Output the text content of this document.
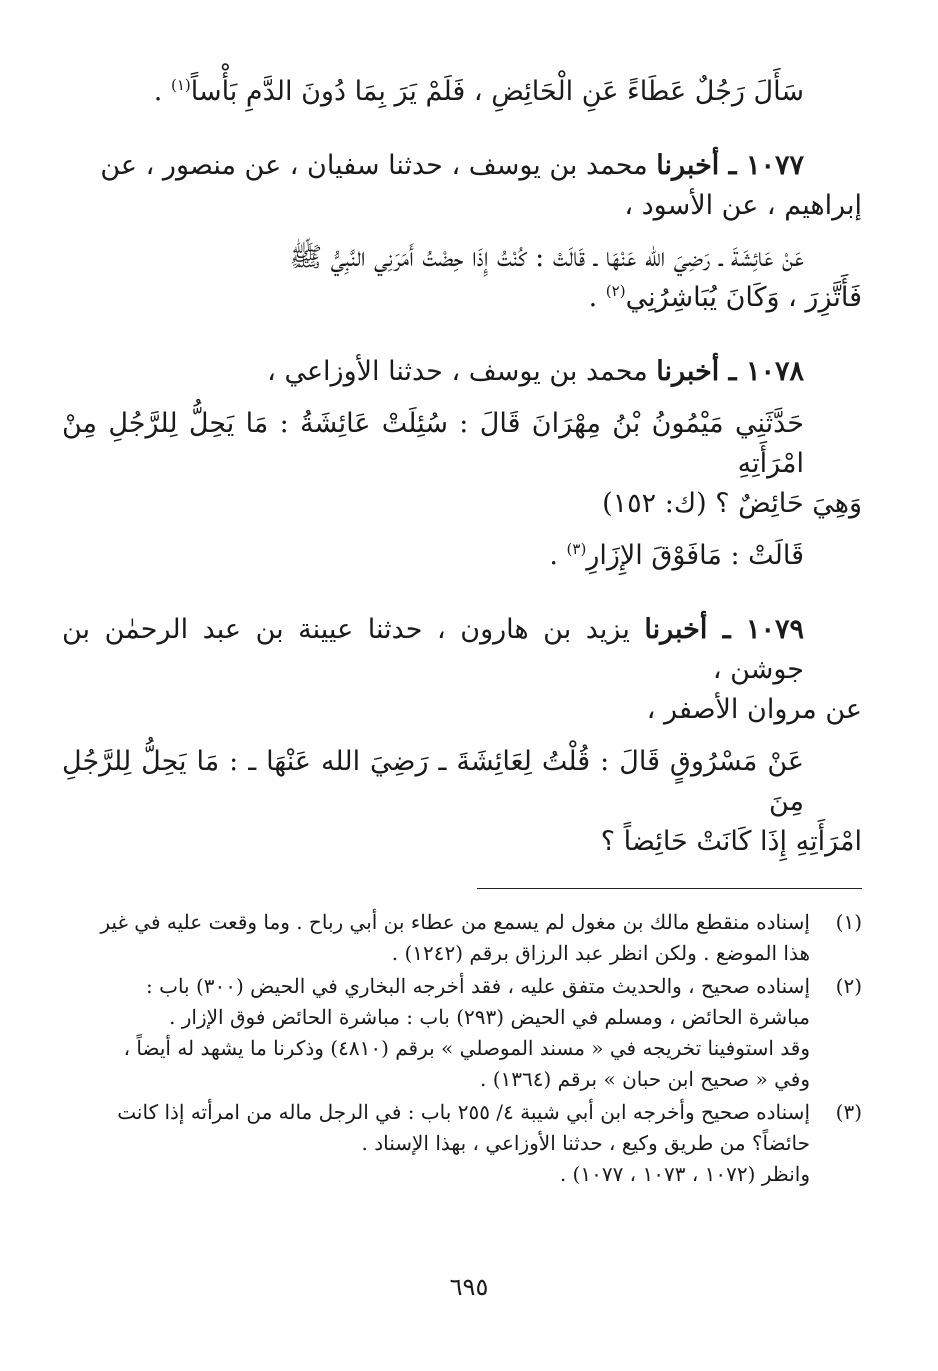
سَأَلَ رَجُلٌ عَطَاءً عَنِ الْحَائِضِ ، فَلَمْ يَرَ بِمَا دُونَ الدَّمِ بَأْساً$^{(١)}$ .

١٠٧٧ ـ أخبرنا محمد بن يوسف ، حدثنا سفيان ، عن منصور ، عن

إبراهيم ، عن الأسود ،

عَنْ عَائِشَةَ ـ رَضِيَ الله عَنْهَا ـ قَالَتْ : كُنْتُ إِذَا حِضْتُ أَمَرَنِي النَّبِيُّ ﷺ

فَأَتَّزِرَ ، وَكَانَ يُبَاشِرُنِي$^{(٢)}$ .

١٠٧٨ ـ أخبرنا محمد بن يوسف ، حدثنا الأوزاعي ،

حَدَّثَنِي مَيْمُونُ بْنُ مِهْرَانَ قَالَ : سُئِلَتْ عَائِشَةُ : مَا يَحِلُّ لِلرَّجُلِ مِنْ امْرَأَتِهِ

وَهِيَ حَائِضٌ ؟ (ك: ١٥٢)

قَالَتْ : مَافَوْقَ الإِزَارِ$^{(٣)}$ .

١٠٧٩ ـ أخبرنا يزيد بن هارون ، حدثنا عيينة بن عبد الرحمٰن بن جوشن ،

عن مروان الأصفر ،

عَنْ مَسْرُوقٍ قَالَ : قُلْتُ لِعَائِشَةَ ـ رَضِيَ الله عَنْهَا ـ : مَا يَحِلُّ لِلرَّجُلِ مِنَ

امْرَأَتِهِ إِذَا كَانَتْ حَائِضاً ؟

(١)
إسناده منقطع مالك بن مغول لم يسمع من عطاء بن أبي رباح . وما وقعت عليه في غير
هذا الموضع . ولكن انظر عبد الرزاق برقم (١٢٤٢) .
(٢)
إسناده صحيح ، والحديث متفق عليه ، فقد أخرجه البخاري في الحيض (٣٠٠) باب :
مباشرة الحائض ، ومسلم في الحيض (٢٩٣) باب : مباشرة الحائض فوق الإزار .
وقد استوفينا تخريجه في « مسند الموصلي » برقم (٤٨١٠) وذكرنا ما يشهد له أيضاً ،
وفي « صحيح ابن حبان » برقم (١٣٦٤) .
(٣)
إسناده صحيح وأخرجه ابن أبي شيبة ٤/ ٢٥٥ باب : في الرجل ماله من امرأته إذا كانت
حائضاً؟ من طريق وكيع ، حدثنا الأوزاعي ، بهذا الإسناد .
وانظر (١٠٧٢ ، ١٠٧٣ ، ١٠٧٧) .
٦٩٥
